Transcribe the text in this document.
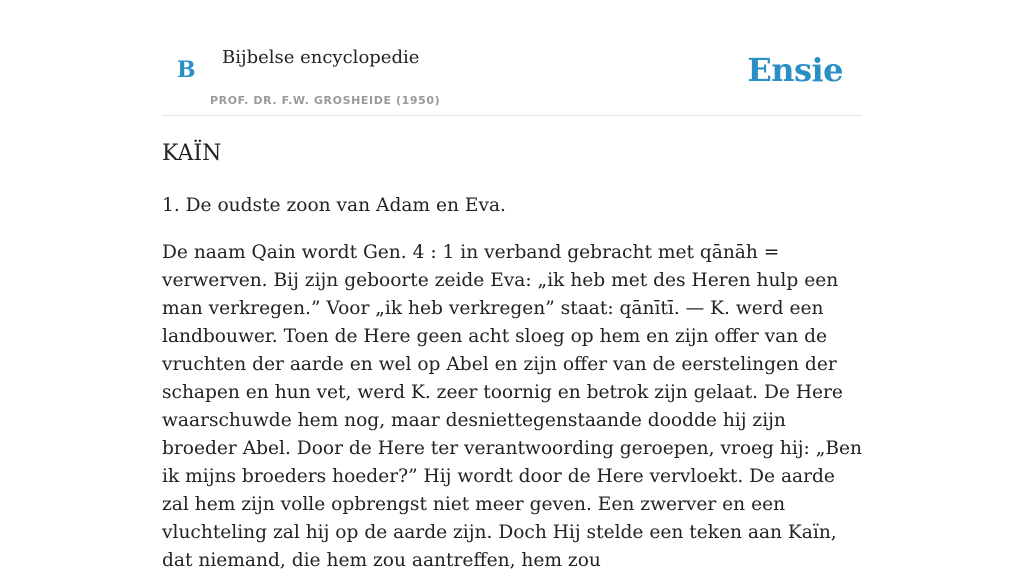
B Bijbelse encyclopedie
PROF. DR. F.W. GROSHEIDE (1950)
Ensie
KAÏN

1. De oudste zoon van Adam en Eva.

De naam Qain wordt Gen. 4 : 1 in verband gebracht met qānāh = verwerven. Bij zijn geboorte zeide Eva: „ik heb met des Heren hulp een man verkregen.” Voor „ik heb verkregen” staat: qānītī. — K. werd een landbouwer. Toen de Here geen acht sloeg op hem en zijn offer van de vruchten der aarde en wel op Abel en zijn offer van de eerstelingen der schapen en hun vet, werd K. zeer toornig en betrok zijn gelaat. De Here waarschuwde hem nog, maar desniettegenstaande doodde hij zijn broeder Abel. Door de Here ter verantwoording geroepen, vroeg hij: „Ben ik mijns broeders hoeder?” Hij wordt door de Here vervloekt. De aarde zal hem zijn volle opbrengst niet meer geven. Een zwerver en een vluchteling zal hij op de aarde zijn. Doch Hij stelde een teken aan Kaïn, dat niemand, die hem zou aantreffen, hem zou
